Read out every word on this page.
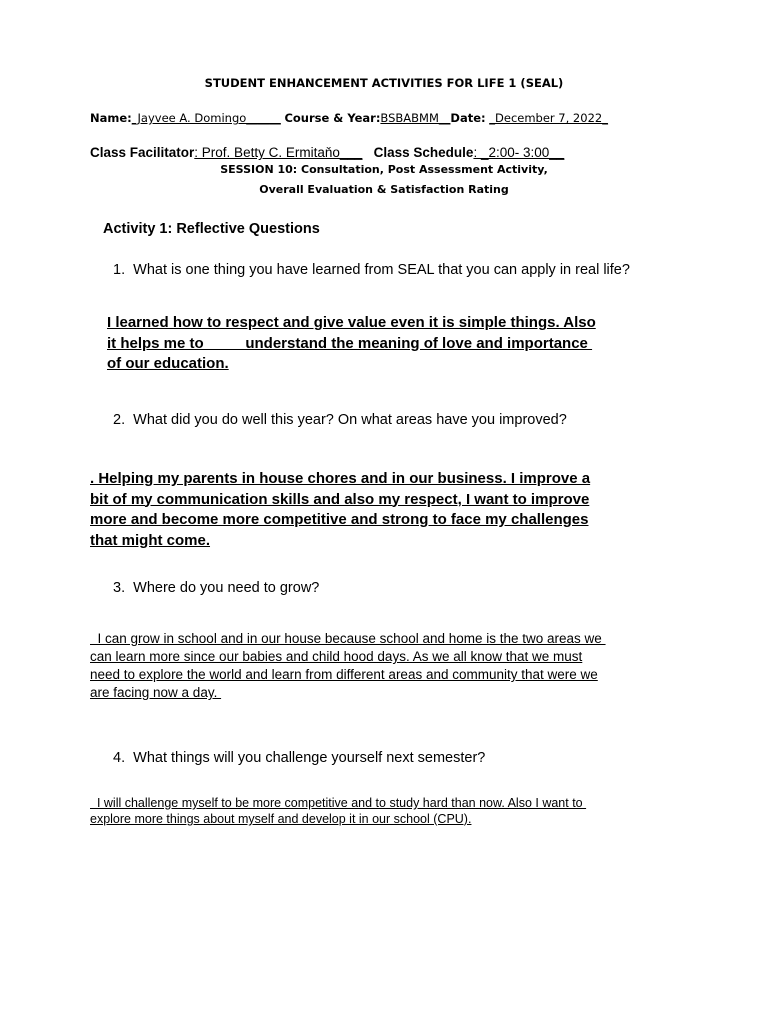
STUDENT ENHANCEMENT ACTIVITIES FOR LIFE 1 (SEAL)
Name:_Jayvee A. Domingo______ Course & Year:BSBABMM__Date: _December 7, 2022_
Class Facilitator: Prof. Betty C. Ermitaňo___ Class Schedule: _2:00- 3:00__
SESSION 10: Consultation, Post Assessment Activity,
Overall Evaluation & Satisfaction Rating
Activity 1: Reflective Questions
1. What is one thing you have learned from SEAL that you can apply in real life?
I learned how to respect and give value even it is simple things. Also
it helps me to          understand the meaning of love and importance
of our education.
2. What did you do well this year? On what areas have you improved?
. Helping my parents in house chores and in our business. I improve a
bit of my communication skills and also my respect, I want to improve
more and become more competitive and strong to face my challenges
that might come.
3. Where do you need to grow?
I can grow in school and in our house because school and home is the two areas we
can learn more since our babies and child hood days. As we all know that we must
need to explore the world and learn from different areas and community that were we
are facing now a day.
4. What things will you challenge yourself next semester?
I will challenge myself to be more competitive and to study hard than now. Also I want to
explore more things about myself and develop it in our school (CPU).
